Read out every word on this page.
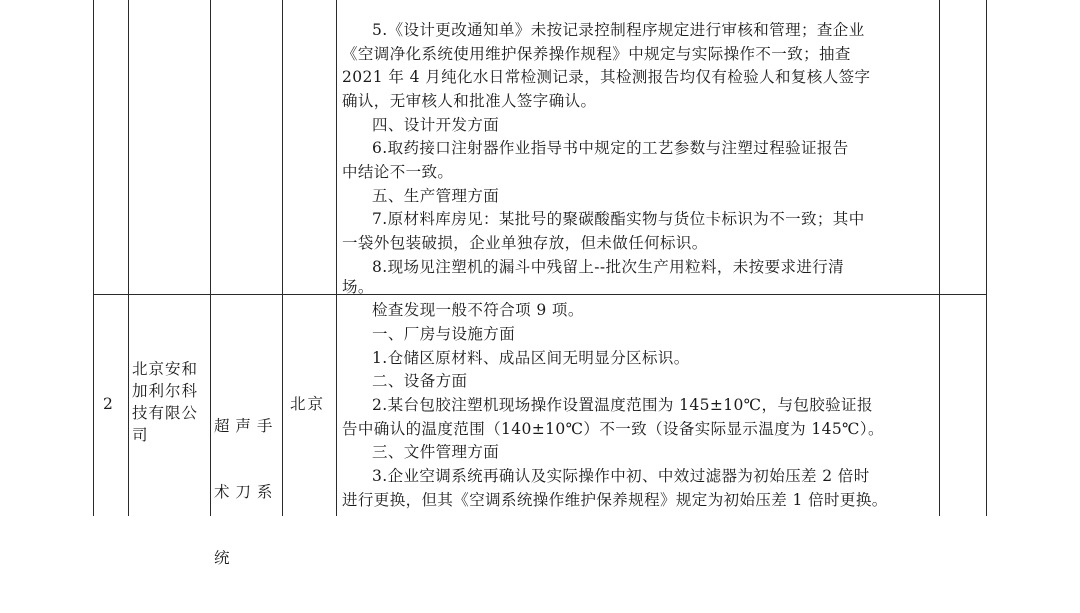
5.《设计更改通知单》未按记录控制程序规定进行审核和管理；查企业
《空调净化系统使用维护保养操作规程》中规定与实际操作不一致；抽查
2021 年 4 月纯化水日常检测记录，其检测报告均仅有检验人和复核人签字
确认，无审核人和批准人签字确认。
四、设计开发方面
6.取药接口注射器作业指导书中规定的工艺参数与注塑过程验证报告
中结论不一致。
五、生产管理方面
7.原材料库房见：某批号的聚碳酸酯实物与货位卡标识为不一致；其中
一袋外包装破损，企业单独存放，但未做任何标识。
8.现场见注塑机的漏斗中残留上--批次生产用粒料，未按要求进行清
场。
2
北京安和
加利尔科
技有限公
司

	超 声 手

术 刀 系

统

北京
检查发现一般不符合项 9 项。
一、厂房与设施方面
1.仓储区原材料、成品区间无明显分区标识。
二、设备方面
2.某台包胶注塑机现场操作设置温度范围为 145±10℃，与包胶验证报
告中确认的温度范围（140±10℃）不一致（设备实际显示温度为 145℃）。
三、文件管理方面
3.企业空调系统再确认及实际操作中初、中效过滤器为初始压差 2 倍时
进行更换，但其《空调系统操作维护保养规程》规定为初始压差 1 倍时更换。
